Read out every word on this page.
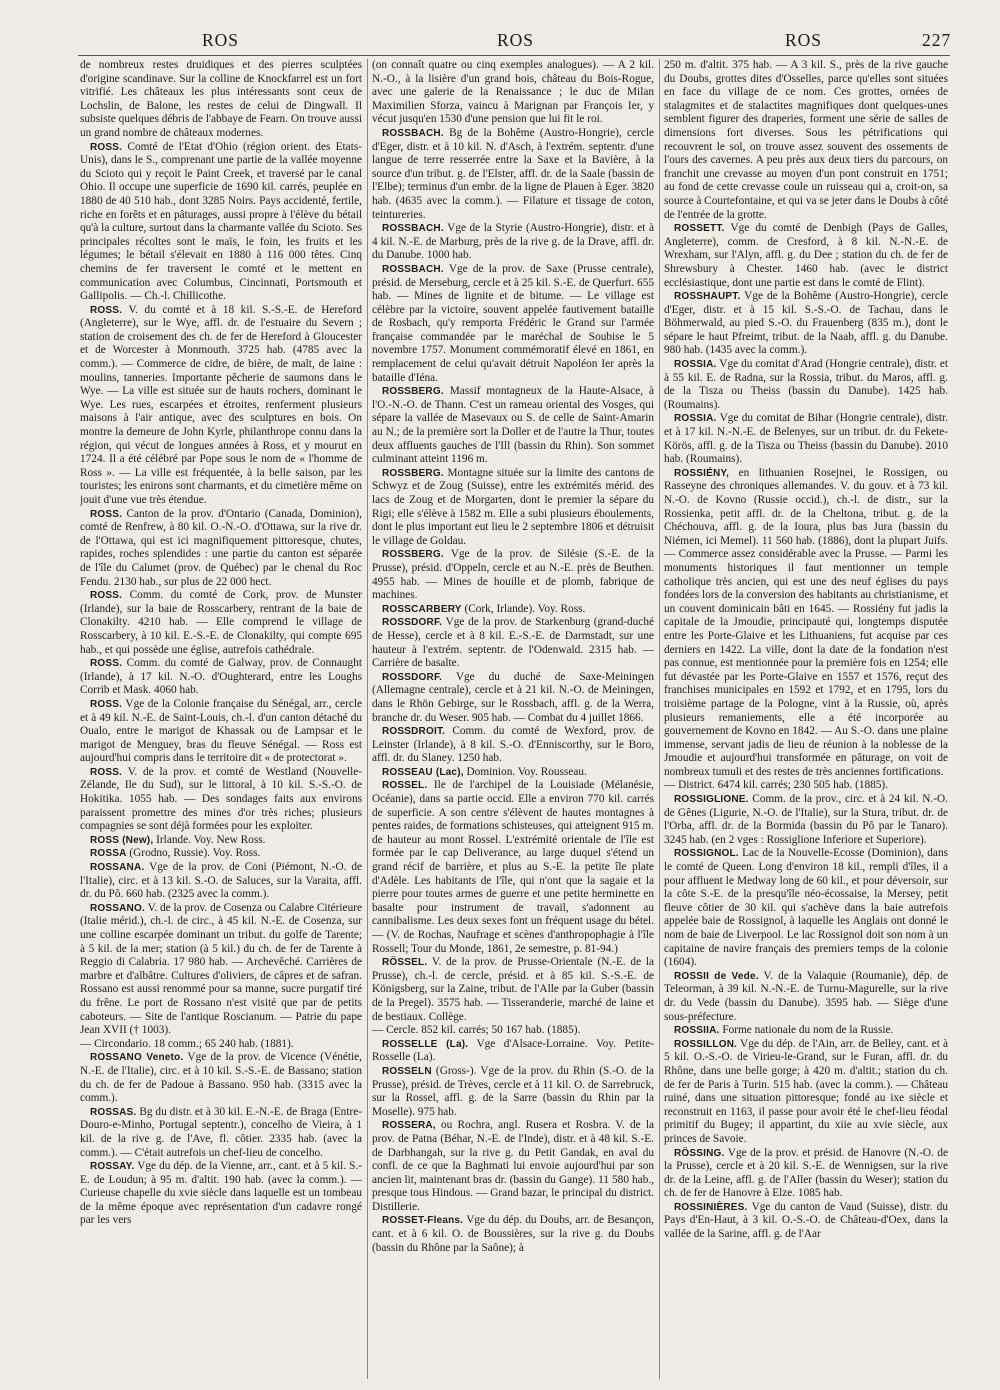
ROS	ROS	ROS	227

de nombreux restes druidiques et des pierres sculptées d'origine scandinave. Sur la colline de Knockfarrel est un fort vitrifié. Les châteaux les plus intéressants sont ceux de Lochslin, de Balone, les restes de celui de Dingwall. Il subsiste quelques débris de l'abbaye de Fearn. On trouve aussi un grand nombre de châteaux modernes.

ROSS. Comté de l'Etat d'Ohio (région orient. des Etats-Unis), dans le S., comprenant une partie de la vallée moyenne du Scioto qui y reçoit le Paint Creek, et traversé par le canal Ohio. Il occupe une superficie de 1690 kil. carrés, peuplée en 1880 de 40 510 hab., dont 3285 Noirs. Pays accidenté, fertile, riche en forêts et en pâturages, aussi propre à l'élève du bétail qu'à la culture, surtout dans la charmante vallée du Scioto. Ses principales récoltes sont le maïs, le foin, les fruits et les légumes; le bétail s'élevait en 1880 à 116 000 têtes. Cinq chemins de fer traversent le comté et le mettent en communication avec Columbus, Cincinnati, Portsmouth et Gallipolis. — Ch.-l. Chillicothe.

ROSS. V. du comté et à 18 kil. S.-S.-E. de Hereford (Angleterre), sur le Wye, affl. dr. de l'estuaire du Severn ; station de croisement des ch. de fer de Hereford à Gloucester et de Worcester à Monmouth. 3725 hab. (4785 avec la comm.). — Commerce de cidre, de bière, de malt, de laine : moulins, tanneries. Importante pêcherie de saumons dans le Wye. — La ville est située sur de hauts rochers, dominant le Wye. Les rues, escarpées et étroites, renferment plusieurs maisons à l'air antique, avec des sculptures en bois. On montre la demeure de John Kyrle, philanthrope connu dans la région, qui vécut de longues années à Ross, et y mourut en 1724. Il a été célébré par Pope sous le nom de « l'homme de Ross ». — La ville est fréquentée, à la belle saison, par les touristes; les enirons sont charmants, et du cimetière même on jouit d'une vue très étendue.

ROSS. Canton de la prov. d'Ontario (Canada, Dominion), comté de Renfrew, à 80 kil. O.-N.-O. d'Ottawa, sur la rive dr. de l'Ottawa, qui est ici magnifiquement pittoresque, chutes, rapides, roches splendides : une partie du canton est séparée de l'île du Calumet (prov. de Québec) par le chenal du Roc Fendu. 2130 hab., sur plus de 22 000 hect.

ROSS. Comm. du comté de Cork, prov. de Munster (Irlande), sur la baie de Rosscarbery, rentrant de la baie de Clonakilty. 4210 hab. — Elle comprend le village de Rosscarbery, à 10 kil. E.-S.-E. de Clonakilty, qui compte 695 hab., et qui possède une église, autrefois cathédrale.

ROSS. Comm. du comté de Galway, prov. de Connaught (Irlande), à 17 kil. N.-O. d'Oughterard, entre les Loughs Corrib et Mask. 4060 hab.

ROSS. Vge de la Colonie française du Sénégal, arr., cercle et à 49 kil. N.-E. de Saint-Louis, ch.-l. d'un canton détaché du Oualo, entre le marigot de Khassak ou de Lampsar et le marigot de Menguey, bras du fleuve Sénégal. — Ross est aujourd'hui compris dans le territoire dit « de protectorat ».

ROSS. V. de la prov. et comté de Westland (Nouvelle-Zélande, Ile du Sud), sur le littoral, à 10 kil. S.-S.-O. de Hokitika. 1055 hab. — Des sondages faits aux environs paraissent promettre des mines d'or très riches; plusieurs compagnies se sont déjà formées pour les exploiter.

ROSS (New), Irlande. Voy. New Ross.

ROSSA (Grodno, Russie). Voy. Ross.

ROSSANA. Vge de la prov. de Coni (Piémont, N.-O. de l'Italie), circ. et à 13 kil. S.-O. de Saluces, sur la Varaita, affl. dr. du Pô. 660 hab. (2325 avec la comm.).

ROSSANO. V. de la prov. de Cosenza ou Calabre Citérieure (Italie mérid.), ch.-l. de circ., à 45 kil. N.-E. de Cosenza, sur une colline escarpée dominant un tribut. du golfe de Tarente; à 5 kil. de la mer; station (à 5 kil.) du ch. de fer de Tarente à Reggio di Calabria. 17 980 hab. — Archevêché. Carrières de marbre et d'albâtre. Cultures d'oliviers, de câpres et de safran. Rossano est aussi renommé pour sa manne, sucre purgatif tiré du frêne. Le port de Rossano n'est visité que par de petits caboteurs. — Site de l'antique Roscianum. — Patrie du pape Jean XVII († 1003).

— Circondario. 18 comm.; 65 240 hab. (1881).

ROSSANO Veneto. Vge de la prov. de Vicence (Vénétie, N.-E. de l'Italie), circ. et à 10 kil. S.-S.-E. de Bassano; station du ch. de fer de Padoue à Bassano. 950 hab. (3315 avec la comm.).

ROSSAS. Bg du distr. et à 30 kil. E.-N.-E. de Braga (Entre-Douro-e-Minho, Portugal septentr.), concelho de Vieira, à 1 kil. de la rive g. de l'Ave, fl. côtier. 2335 hab. (avec la comm.). — C'était autrefois un chef-lieu de concelho.

ROSSAY. Vge du dép. de la Vienne, arr., cant. et à 5 kil. S.-E. de Loudun; à 95 m. d'altit. 190 hab. (avec la comm.). — Curieuse chapelle du xvie siècle dans laquelle est un tombeau de la même époque avec représentation d'un cadavre rongé par les vers

(on connaît quatre ou cinq exemples analogues). — A 2 kil. N.-O., à la lisière d'un grand bois, château du Bois-Rogue, avec une galerie de la Renaissance ; le duc de Milan Maximilien Sforza, vaincu à Marignan par François Ier, y vécut jusqu'en 1530 d'une pension que lui fit le roi.

ROSSBACH. Bg de la Bohême (Austro-Hongrie), cercle d'Eger, distr. et à 10 kil. N. d'Asch, à l'extrém. septentr. d'une langue de terre resserrée entre la Saxe et la Bavière, à la source d'un tribut. g. de l'Elster, affl. dr. de la Saale (bassin de l'Elbe); terminus d'un embr. de la ligne de Plauen à Eger. 3820 hab. (4635 avec la comm.). — Filature et tissage de coton, teintureries.

ROSSBACH. Vge de la Styrie (Austro-Hongrie), distr. et à 4 kil. N.-E. de Marburg, près de la rive g. de la Drave, affl. dr. du Danube. 1000 hab.

ROSSBACH. Vge de la prov. de Saxe (Prusse centrale), présid. de Merseburg, cercle et à 25 kil. S.-E. de Querfurt. 655 hab. — Mines de lignite et de bitume. — Le village est célèbre par la victoire, souvent appelée fautivement bataille de Rosbach, qu'y remporta Frédéric le Grand sur l'armée française commandée par le maréchal de Soubise le 5 novembre 1757. Monument commémoratif élevé en 1861, en remplacement de celui qu'avait détruit Napoléon Ier après la bataille d'Iéna.

ROSSBERG. Massif montagneux de la Haute-Alsace, à l'O.-N.-O. de Thann. C'est un rameau oriental des Vosges, qui sépare la vallée de Masevaux ou S. de celle de Saint-Amarin au N.; de la première sort la Doller et de l'autre la Thur, toutes deux affluents gauches de l'Ill (bassin du Rhin). Son sommet culminant atteint 1196 m.

ROSSBERG. Montagne située sur la limite des cantons de Schwyz et de Zoug (Suisse), entre les extrémités mérid. des lacs de Zoug et de Morgarten, dont le premier la sépare du Rigi; elle s'élève à 1582 m. Elle a subi plusieurs éboulements, dont le plus important eut lieu le 2 septembre 1806 et détruisit le village de Goldau.

ROSSBERG. Vge de la prov. de Silésie (S.-E. de la Prusse), présid. d'Oppeln, cercle et au N.-E. près de Beuthen. 4955 hab. — Mines de houille et de plomb, fabrique de machines.

ROSSCARBERY (Cork, Irlande). Voy. Ross.

ROSSDORF. Vge de la prov. de Starkenburg (grand-duché de Hesse), cercle et à 8 kil. E.-S.-E. de Darmstadt, sur une hauteur à l'extrém. septentr. de l'Odenwald. 2315 hab. — Carrière de basalte.

ROSSDORF. Vge du duché de Saxe-Meiningen (Allemagne centrale), cercle et à 21 kil. N.-O. de Meiningen, dans le Rhön Gebirge, sur le Rossbach, affl. g. de la Werra, branche dr. du Weser. 905 hab. — Combat du 4 juillet 1866.

ROSSDROIT. Comm. du comté de Wexford, prov. de Leinster (Irlande), à 8 kil. S.-O. d'Enniscorthy, sur le Boro, affl. dr. du Slaney. 1250 hab.

ROSSEAU (Lac), Dominion. Voy. Rousseau.

ROSSEL. Ile de l'archipel de la Louisiade (Mélanésie, Océanie), dans sa partie occid. Elle a environ 770 kil. carrés de superficie. A son centre s'élèvent de hautes montagnes à pentes raides, de formations schisteuses, qui atteignent 915 m. de hauteur au mont Rossel. L'extrémité orientale de l'île est formée par le cap Deliverance, au large duquel s'étend un grand récif de barrière, et plus au S.-E. la petite île plate d'Adèle. Les habitants de l'île, qui n'ont que la sagaie et la pierre pour toutes armes de guerre et une petite herminette en basalte pour instrument de travail, s'adonnent au cannibalisme. Les deux sexes font un fréquent usage du bétel. — (V. de Rochas, Naufrage et scènes d'anthropophagie à l'île Rossell; Tour du Monde, 1861, 2e semestre, p. 81-94.)

RÖSSEL. V. de la prov. de Prusse-Orientale (N.-E. de la Prusse), ch.-l. de cercle, présid. et à 85 kil. S.-S.-E. de Königsberg, sur la Zaine, tribut. de l'Alle par la Guber (bassin de la Pregel). 3575 hab. — Tisseranderie, marché de laine et de bestiaux. Collège.

— Cercle. 852 kil. carrés; 50 167 hab. (1885).

ROSSELLE (La). Vge d'Alsace-Lorraine. Voy. Petite-Rosselle (La).

ROSSELN (Gross-). Vge de la prov. du Rhin (S.-O. de la Prusse), présid. de Trèves, cercle et à 11 kil. O. de Sarrebruck, sur la Rossel, affl. g. de la Sarre (bassin du Rhin par la Moselle). 975 hab.

ROSSERA, ou Rochra, angl. Rusera et Rosbra. V. de la prov. de Patna (Béhar, N.-E. de l'Inde), distr. et à 48 kil. S.-E. de Darbhangah, sur la rive g. du Petit Gandak, en aval du confl. de ce que la Baghmati lui envoie aujourd'hui par son ancien lit, maintenant bras dr. (bassin du Gange). 11 580 hab., presque tous Hindous. — Grand bazar, le principal du district. Distillerie.

ROSSET-Fleans. Vge du dép. du Doubs, arr. de Besançon, cant. et à 6 kil. O. de Boussières, sur la rive g. du Doubs (bassin du Rhône par la Saône); à

250 m. d'altit. 375 hab. — A 3 kil. S., près de la rive gauche du Doubs, grottes dites d'Osselles, parce qu'elles sont situées en face du village de ce nom. Ces grottes, ornées de stalagmites et de stalactites magnifiques dont quelques-unes semblent figurer des draperies, forment une série de salles de dimensions fort diverses. Sous les pétrifications qui recouvrent le sol, on trouve assez souvent des ossements de l'ours des cavernes. A peu près aux deux tiers du parcours, on franchit une crevasse au moyen d'un pont construit en 1751; au fond de cette crevasse coule un ruisseau qui a, croit-on, sa source à Courtefontaine, et qui va se jeter dans le Doubs à côté de l'entrée de la grotte.

ROSSETT. Vge du comté de Denbigh (Pays de Galles, Angleterre), comm. de Cresford, à 8 kil. N.-N.-E. de Wrexham, sur l'Alyn, affl. g. du Dee ; station du ch. de fer de Shrewsbury à Chester. 1460 hab. (avec le district ecclésiastique, dont une partie est dans le comté de Flint).

ROSSHAUPT. Vge de la Bohême (Austro-Hongrie), cercle d'Eger, distr. et à 15 kil. S.-S.-O. de Tachau, dans le Böhmerwald, au pied S.-O. du Frauenberg (835 m.), dont le sépare le haut Pfreimt, tribut. de la Naab, affl. g. du Danube. 980 hab. (1435 avec la comm.).

ROSSIA. Vge du comitat d'Arad (Hongrie centrale), distr. et à 55 kil. E. de Radna, sur la Rossia, tribut. du Maros, affl. g. de la Tisza ou Theiss (bassin du Danube). 1425 hab. (Roumains).

ROSSIA. Vge du comitat de Bihar (Hongrie centrale), distr. et à 17 kil. N.-N.-E. de Belenyes, sur un tribut. dr. du Fekete-Körös, affl. g. de la Tisza ou Theiss (bassin du Danube). 2010 hab. (Roumains).

ROSSIÉNY, en lithuanien Rosejnei, le Rossigen, ou Rasseyne des chroniques allemandes. V. du gouv. et à 73 kil. N.-O. de Kovno (Russie occid.), ch.-l. de distr., sur la Rossienka, petit affl. dr. de la Cheltona, tribut. g. de la Chéchouva, affl. g. de la Ioura, plus bas Jura (bassin du Niémen, ici Memel). 11 560 hab. (1886), dont la plupart Juifs. — Commerce assez considérable avec la Prusse. — Parmi les monuments historiques il faut mentionner un temple catholique très ancien, qui est une des neuf églises du pays fondées lors de la conversion des habitants au christianisme, et un couvent dominicain bâti en 1645. — Rossiény fut jadis la capitale de la Jmoudie, principauté qui, longtemps disputée entre les Porte-Glaive et les Lithuaniens, fut acquise par ces derniers en 1422. La ville, dont la date de la fondation n'est pas connue, est mentionnée pour la première fois en 1254; elle fut dévastée par les Porte-Glaive en 1557 et 1576, reçut des franchises municipales en 1592 et 1792, et en 1795, lors du troisième partage de la Pologne, vint à la Russie, où, après plusieurs remaniements, elle a été incorporée au gouvernement de Kovno en 1842. — Au S.-O. dans une plaine immense, servant jadis de lieu de réunion à la noblesse de la Jmoudie et aujourd'hui transformée en pâturage, on voit de nombreux tumuli et des restes de très anciennes fortifications.

— District. 6474 kil. carrés; 230 505 hab. (1885).

ROSSIGLIONE. Comm. de la prov., circ. et à 24 kil. N.-O. de Gênes (Ligurie, N.-O. de l'Italie), sur la Stura, tribut. dr. de l'Orba, affl. dr. de la Bormida (bassin du Pô par le Tanaro). 3245 hab. (en 2 vges : Rossiglione Inferiore et Superiore).

ROSSIGNOL. Lac de la Nouvelle-Ecosse (Dominion), dans le comté de Queen. Long d'environ 18 kil., rempli d'îles, il a pour affluent le Medway long de 60 kil., et pour déversoir, sur la côte S.-E. de la presqu'île néo-écossaise, la Mersey, petit fleuve côtier de 30 kil. qui s'achève dans la baie autrefois appelée baie de Rossignol, à laquelle les Anglais ont donné le nom de baie de Liverpool. Le lac Rossignol doit son nom à un capitaine de navire français des premiers temps de la colonie (1604).

ROSSII de Vede. V. de la Valaquie (Roumanie), dép. de Teleorman, à 39 kil. N.-N.-E. de Turnu-Magurelle, sur la rive dr. du Vede (bassin du Danube). 3595 hab. — Siège d'une sous-préfecture.

ROSSIIA. Forme nationale du nom de la Russie.

ROSSILLON. Vge du dép. de l'Ain, arr. de Belley, cant. et à 5 kil. O.-S.-O. de Virieu-le-Grand, sur le Furan, affl. dr. du Rhône, dans une belle gorge; à 420 m. d'altit.; station du ch. de fer de Paris à Turin. 515 hab. (avec la comm.). — Château ruiné, dans une situation pittoresque; fondé au ixe siècle et reconstruit en 1163, il passe pour avoir été le chef-lieu féodal primitif du Bugey; il appartint, du xiie au xvie siècle, aux princes de Savoie.

RÖSSING. Vge de la prov. et présid. de Hanovre (N.-O. de la Prusse), cercle et à 20 kil. S.-E. de Wennigsen, sur la rive dr. de la Leine, affl. g. de l'Aller (bassin du Weser); station du ch. de fer de Hanovre à Elze. 1085 hab.

ROSSINIÈRES. Vge du canton de Vaud (Suisse), distr. du Pays d'En-Haut, à 3 kil. O.-S.-O. de Château-d'Oex, dans la vallée de la Sarine, affl. g. de l'Aar
